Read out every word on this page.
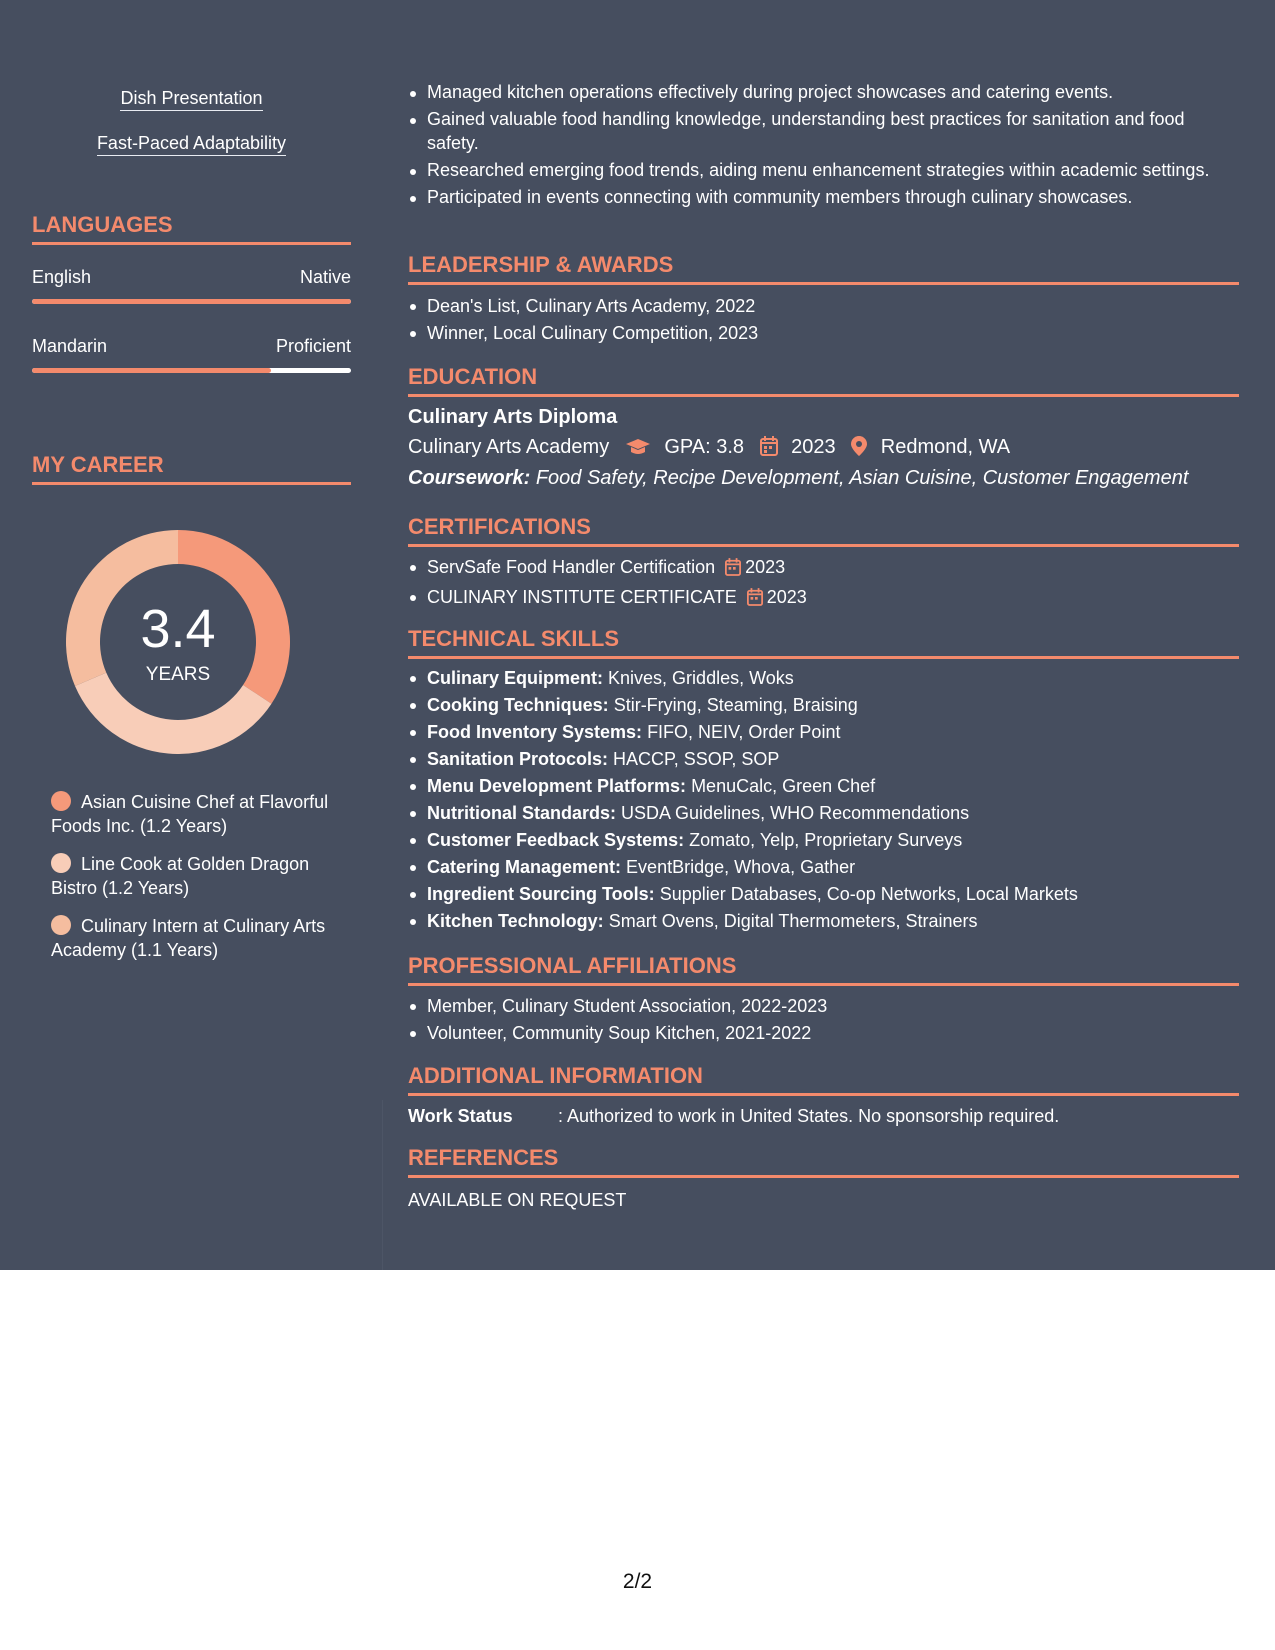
Dish Presentation
Fast-Paced Adaptability
LANGUAGES
English	Native
Mandarin	Proficient
MY CAREER
3.4
YEARS
Asian Cuisine Chef at Flavorful Foods Inc. (1.2 Years)
Line Cook at Golden Dragon Bistro (1.2 Years)
Culinary Intern at Culinary Arts Academy (1.1 Years)
Managed kitchen operations effectively during project showcases and catering events.
Gained valuable food handling knowledge, understanding best practices for sanitation and food safety.
Researched emerging food trends, aiding menu enhancement strategies within academic settings.
Participated in events connecting with community members through culinary showcases.
LEADERSHIP & AWARDS
Dean's List, Culinary Arts Academy, 2022
Winner, Local Culinary Competition, 2023
EDUCATION
Culinary Arts Diploma
Culinary Arts Academy	GPA: 3.8 2023 Redmond, WA
Coursework: Food Safety, Recipe Development, Asian Cuisine, Customer Engagement
CERTIFICATIONS
ServSafe Food Handler Certification 2023
CULINARY INSTITUTE CERTIFICATE 2023
TECHNICAL SKILLS
Culinary Equipment: Knives, Griddles, Woks
Cooking Techniques: Stir-Frying, Steaming, Braising
Food Inventory Systems: FIFO, NEIV, Order Point
Sanitation Protocols: HACCP, SSOP, SOP
Menu Development Platforms: MenuCalc, Green Chef
Nutritional Standards: USDA Guidelines, WHO Recommendations
Customer Feedback Systems: Zomato, Yelp, Proprietary Surveys
Catering Management: EventBridge, Whova, Gather
Ingredient Sourcing Tools: Supplier Databases, Co-op Networks, Local Markets
Kitchen Technology: Smart Ovens, Digital Thermometers, Strainers
PROFESSIONAL AFFILIATIONS
Member, Culinary Student Association, 2022-2023
Volunteer, Community Soup Kitchen, 2021-2022
ADDITIONAL INFORMATION
Work Status	: Authorized to work in United States. No sponsorship required.
REFERENCES
AVAILABLE ON REQUEST
2/2
